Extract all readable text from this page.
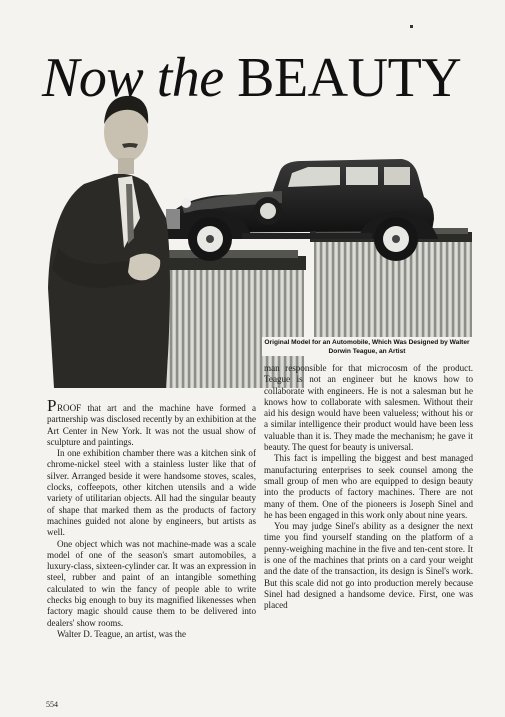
Now the BEAUTY
Original Model for an Automobile, Which Was Designed by Walter Dorwin Teague, an Artist

PROOF that art and the machine have formed a partnership was disclosed recently by an exhibition at the Art Center in New York. It was not the usual show of sculpture and paintings.

In one exhibition chamber there was a kitchen sink of chrome-nickel steel with a stainless luster like that of silver. Arranged beside it were handsome stoves, scales, clocks, coffeepots, other kitchen utensils and a wide variety of utilitarian objects. All had the singular beauty of shape that marked them as the products of factory machines guided not alone by engineers, but artists as well.

One object which was not machine-made was a scale model of one of the season's smart automobiles, a luxury-class, sixteen-cylinder car. It was an expression in steel, rubber and paint of an intangible something calculated to win the fancy of people able to write checks big enough to buy its magnified likenesses when factory magic should cause them to be delivered into dealers' show rooms.

Walter D. Teague, an artist, was the

man responsible for that microcosm of the product. Teague is not an engineer but he knows how to collaborate with engineers. He is not a salesman but he knows how to collaborate with salesmen. Without their aid his design would have been valueless; without his or a similar intelligence their product would have been less valuable than it is. They made the mechanism; he gave it beauty. The quest for beauty is universal.

This fact is impelling the biggest and best managed manufacturing enterprises to seek counsel among the small group of men who are equipped to design beauty into the products of factory machines. There are not many of them. One of the pioneers is Joseph Sinel and he has been engaged in this work only about nine years.

You may judge Sinel's ability as a designer the next time you find yourself standing on the platform of a penny-weighing machine in the five and ten-cent store. It is one of the machines that prints on a card your weight and the date of the transaction, its design is Sinel's work. But this scale did not go into production merely because Sinel had designed a handsome device. First, one was placed

554
